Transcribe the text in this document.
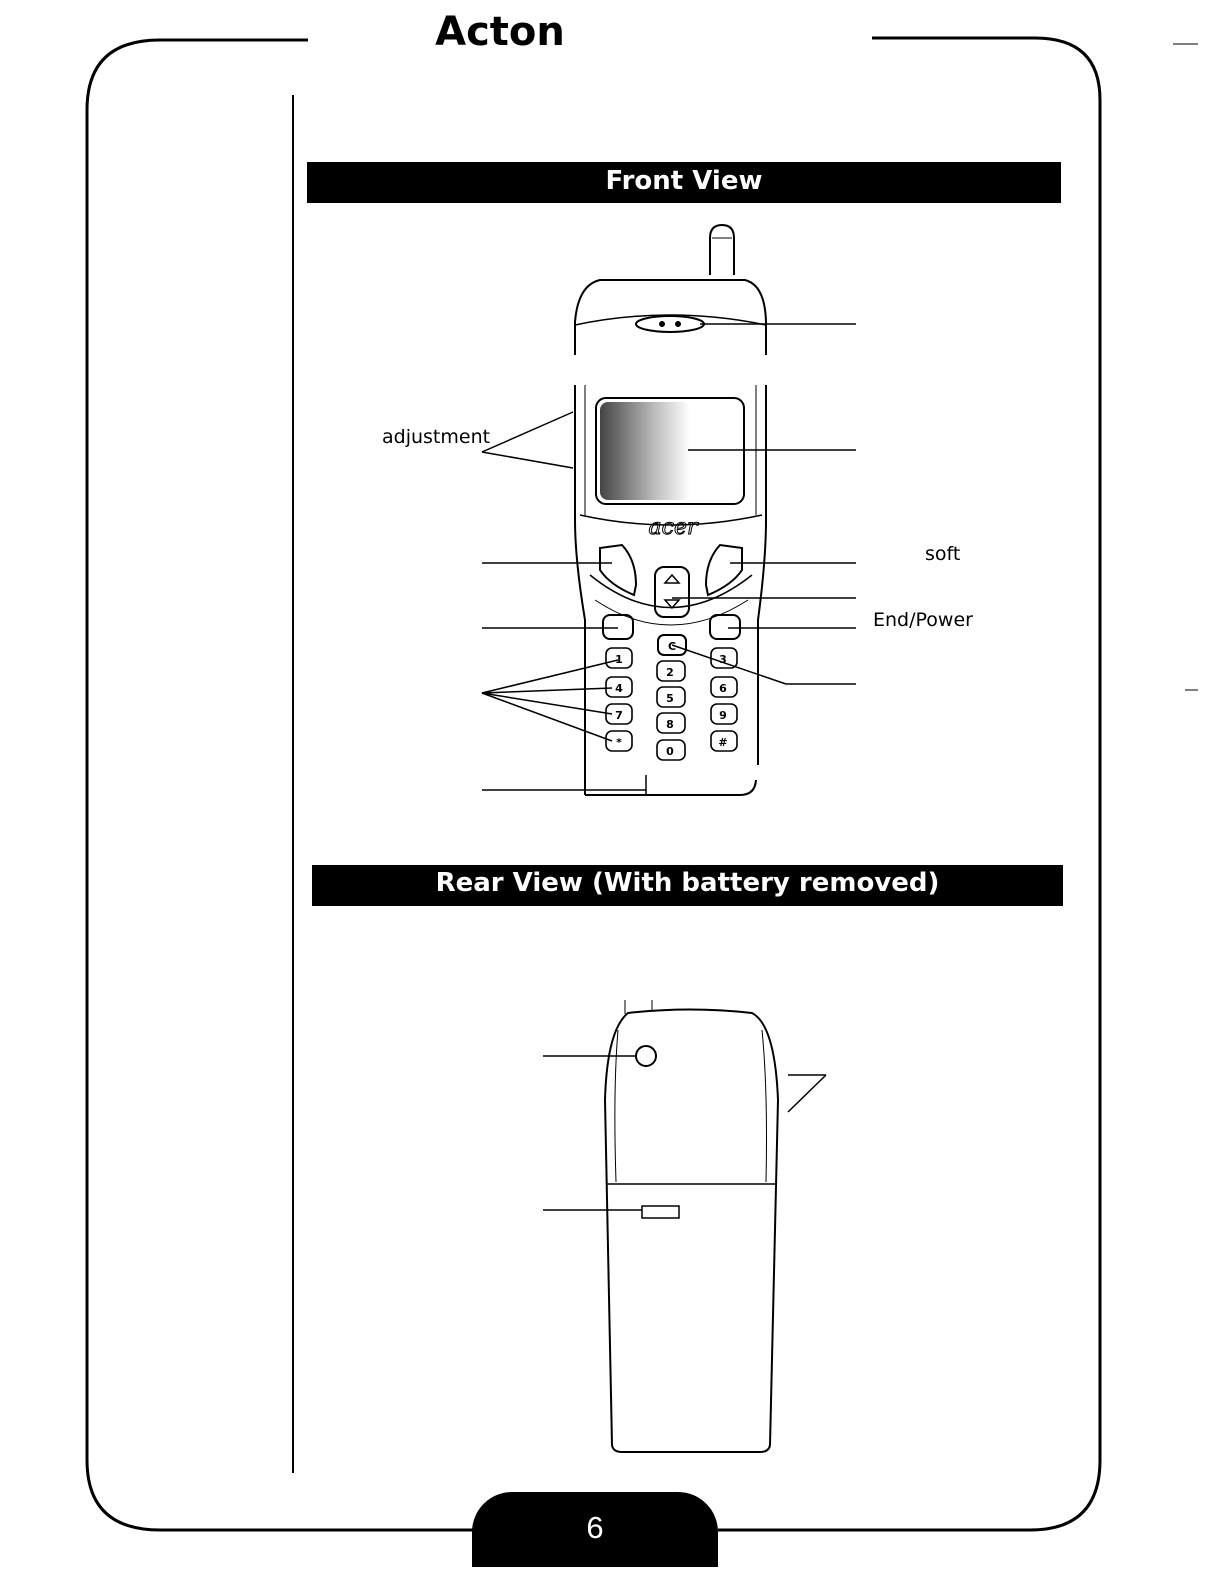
acer
1
2
3
4
5
6
7
8
9
*
0
#
C
Acton
Front View
Rear View (With battery removed)
adjustment
soft
End/Power
6
